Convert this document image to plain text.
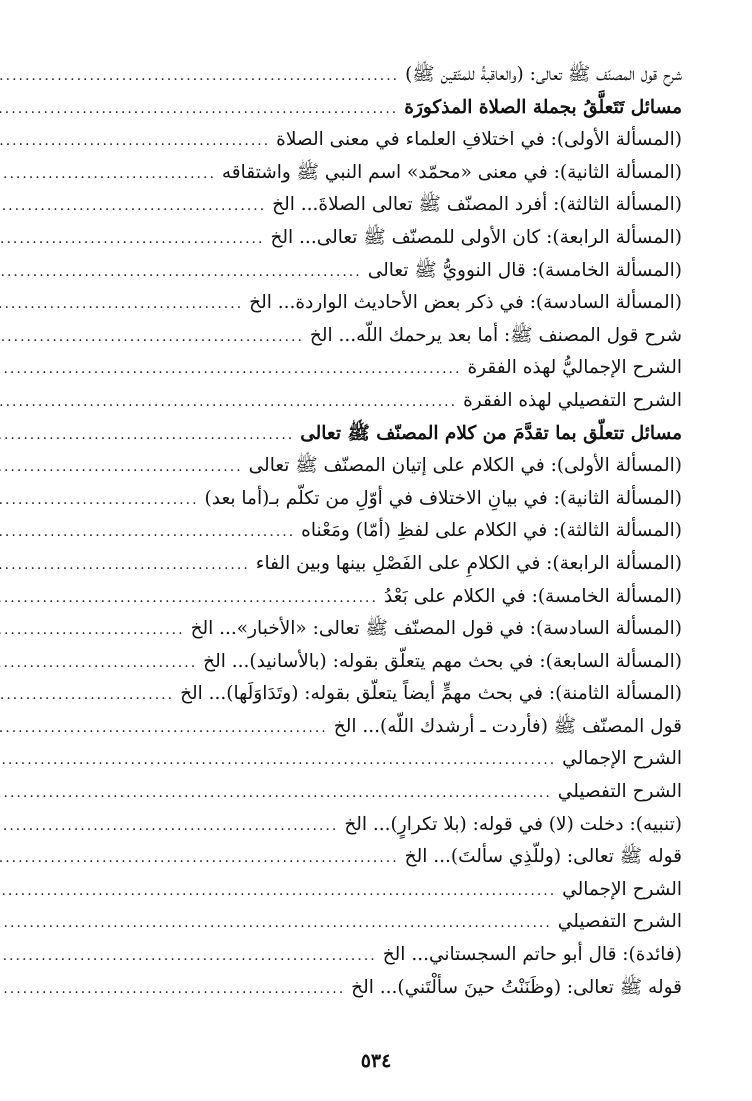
شرح قول المصنّف ﷺ تعالى: (والعاقبةُ للمتّقين ﷺ)
.....
مسائل تَتَعلَّقُ بجملة الصلاة المذكورَة
.....
(المسألة الأولى): في اختلافِ العلماء في معنى الصلاة
.....
(المسألة الثانية): في معنى «محمّد» اسم النبي ﷺ واشتقاقه
.....
(المسألة الثالثة): أفرد المصنّف ﷺ تعالى الصلاةَ... الخ
.....
(المسألة الرابعة): كان الأولى للمصنّف ﷺ تعالى... الخ
.....
(المسألة الخامسة): قال النوويُّ ﷺ تعالى
.....
(المسألة السادسة): في ذكر بعض الأحاديث الواردة... الخ
.....
شرح قول المصنف ﷺ: أما بعد يرحمك اللّه... الخ
.....
الشرح الإجماليُّ لهذه الفقرة
.....
الشرح التفصيلي لهذه الفقرة
.....
مسائل تتعلّق بما تقدَّمَ من كلام المصنّف ﷺ تعالى
.....
(المسألة الأولى): في الكلام على إتيان المصنّف ﷺ تعالى
.....
(المسألة الثانية): في بيانِ الاختلاف في أوّلِ من تكلّم بـ(أما بعد)
.....
(المسألة الثالثة): في الكلام على لفظِ (أمّا) ومَعْناه
.....
(المسألة الرابعة): في الكلامِ على الفَصْلِ بينها وبين الفاء
.....
(المسألة الخامسة): في الكلام على بَعْدُ
.....
(المسألة السادسة): في قول المصنّف ﷺ تعالى: «الأخبار»... الخ
.....
(المسألة السابعة): في بحث مهم يتعلّق بقوله: (بالأسانيد)... الخ
.....
(المسألة الثامنة): في بحث مهمٍّ أيضاً يتعلّق بقوله: (وتَدَاوَلَها)... الخ
.....
قول المصنّف ﷺ (فأردت ـ أرشدك اللّه)... الخ
.....
الشرح الإجمالي
.....
الشرح التفصيلي
.....
(تنبيه): دخلت (لا) في قوله: (بلا تكرارٍ)... الخ
.....
قوله ﷺ تعالى: (وللّذِي سألتَ)... الخ
.....
الشرح الإجمالي
.....
الشرح التفصيلي
.....
(فائدة): قال أبو حاتم السجستاني... الخ
.....
قوله ﷺ تعالى: (وظَنَنْتُ حينَ سألْتَني)... الخ
.....
٥٣٤
